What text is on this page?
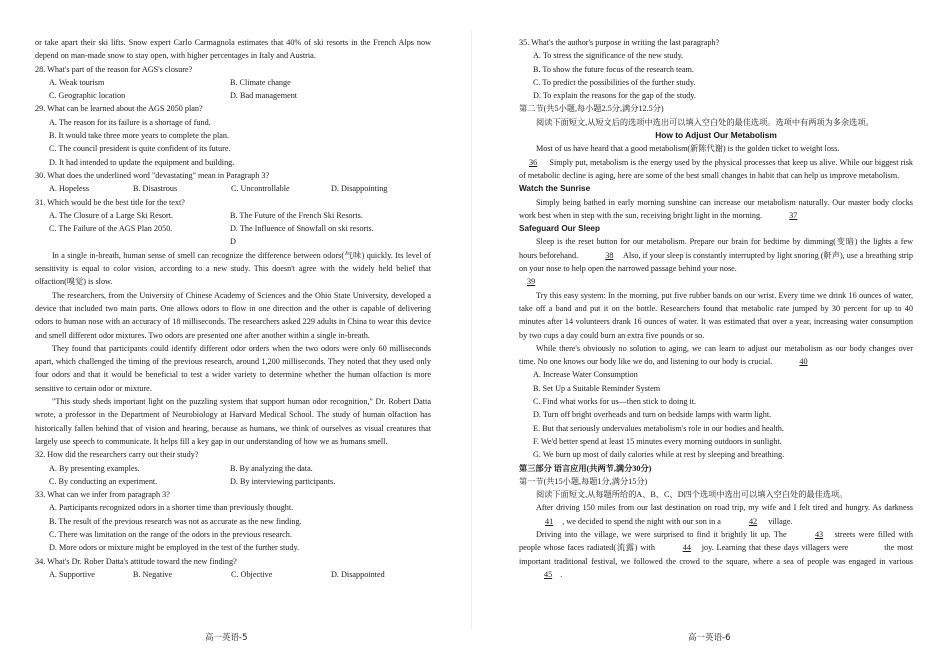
or take apart their ski lifts. Snow expert Carlo Carmagnola estimates that 40% of ski resorts in the French Alps now depend on man-made snow to stay open, with higher percentages in Italy and Austria.
28. What's part of the reason for AGS's closure?
A. Weak tourism	B. Climate change
C. Geographic location	D. Bad management
29. What can be learned about the AGS 2050 plan?
A. The reason for its failure is a shortage of fund.
B. It would take three more years to complete the plan.
C. The council president is quite confident of its future.
D. It had intended to update the equipment and building.
30. What does the underlined word "devastating" mean in Paragraph 3?
A. Hopeless	B. Disastrous	C. Uncontrollable	D. Disappointing
31. Which would be the best title for the text?
A. The Closure of a Large Ski Resort.	B. The Future of the French Ski Resorts.
C. The Failure of the AGS Plan 2050.	D. The Influence of Snowfall on ski resorts.
D
In a single in-breath, human sense of smell can recognize the difference between odors(气味) quickly. Its level of sensitivity is equal to color vision, according to a new study. This doesn't agree with the widely held belief that olfaction(嗅觉) is slow.
The researchers, from the University of Chinese Academy of Sciences and the Ohio State University, developed a device that included two main parts. One allows odors to flow in one direction and the other is capable of delivering odors to human nose with an accuracy of 18 milliseconds. The researchers asked 229 adults in China to wear this device and smell different odor mixtures. Two odors are presented one after another within a single in-breath.
They found that participants could identify different odor orders when the two odors were only 60 milliseconds apart, which challenged the timing of the previous research, around 1,200 milliseconds. They noted that they used only four odors and that it would be beneficial to test a wider variety to determine whether the human olfaction is more sensitive to certain odor or mixture.
"This study sheds important light on the puzzling system that support human odor recognition," Dr. Robert Datta wrote, a professor in the Department of Neurobiology at Harvard Medical School. The study of human olfaction has historically fallen behind that of vision and hearing, because as humans, we think of ourselves as visual creatures that largely use speech to communicate. It helps fill a key gap in our understanding of how we as humans smell.
32. How did the researchers carry out their study?
A. By presenting examples.	B. By analyzing the data.
C. By conducting an experiment.	D. By interviewing participants.
33. What can we infer from paragraph 3?
A. Participants recognized odors in a shorter time than previously thought.
B. The result of the previous research was not as accurate as the new finding.
C. There was limitation on the range of the odors in the previous research.
D. More odors or mixture might be employed in the test of the further study.
34. What's Dr. Rober Datta's attitude toward the new finding?
A. Supportive	B. Negative	C. Objective	D. Disappointed
35. What's the author's purpose in writing the last paragraph?
A. To stress the significance of the new study.
B. To show the future focus of the research team.
C. To predict the possibilities of the further study.
D. To explain the reasons for the gap of the study.
第二节(共5小题,每小题2.5分,满分12.5分)
阅读下面短文,从短文后的选项中选出可以填入空白处的最佳选项。选项中有两项为多余选项。
How to Adjust Our Metabolism
Most of us have heard that a good metabolism(新陈代谢) is the golden ticket to weight loss.
36 Simply put, metabolism is the energy used by the physical processes that keep us alive. While our biggest risk of metabolic decline is aging, here are some of the best small changes in habit that can help us improve metabolism.
Watch the Sunrise
Simply being bathed in early morning sunshine can increase our metabolism naturally. Our master body clocks work best when in step with the sun, receiving bright light in the morning.	37
Safeguard Our Sleep
Sleep is the reset button for our metabolism. Prepare our brain for bedtime by dimming(变暗) the lights a few hours beforehand.	38 Also, if your sleep is constantly interrupted by light snoring (鼾声), use a breathing strip on your nose to help open the narrowed passage behind your nose.
39
Try this easy system: In the morning, put five rubber bands on our wrist. Every time we drink 16 ounces of water, take off a band and put it on the bottle. Researchers found that metabolic rate jumped by 30 percent for up to 40 minutes after 14 volunteers drank 16 ounces of water. It was estimated that over a year, increasing water consumption by two cups a day could burn an extra five pounds or so.
While there's obviously no solution to aging, we can learn to adjust our metabolism as our body changes over time. No one knows our body like we do, and listening to our body is crucial.	40
A. Increase Water Consumption
B. Set Up a Suitable Reminder System
C. Find what works for us—then stick to doing it.
D. Turn off bright overheads and turn on bedside lamps with warm light.
E. But that seriously undervalues metabolism's role in our bodies and health.
F. We'd better spend at least 15 minutes every morning outdoors in sunlight.
G. We burn up most of daily calories while at rest by sleeping and breathing.
第三部分 语言应用(共两节,满分30分)
第一节(共15小题,每题1分,满分15分)
阅读下面短文,从每题所给的A、B、C、D四个选项中选出可以填入空白处的最佳选项。
After driving 150 miles from our last destination on road trip, my wife and I felt tired and hungry. As darkness 41 , we decided to spend the night with our son in a	42 village.
Driving into the village, we were surprised to find it brightly lit up. The	43 streets were filled with people whose faces radiated(流露) with	44 joy. Learning that these days villagers were	the most important traditional festival, we followed the crowd to the square, where a sea of people was engaged in various 45 .
高一英语-5	高一英语-6
